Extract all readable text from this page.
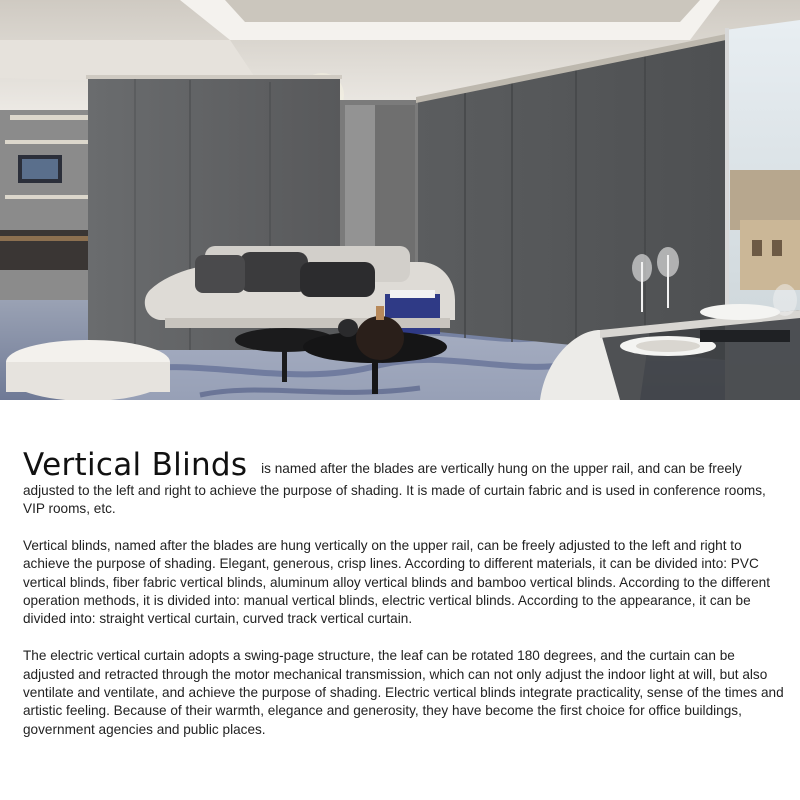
Vertical Blinds is named after the blades are vertically hung on the upper rail, and can be freely adjusted to the left and right to achieve the purpose of shading. It is made of curtain fabric and is used in conference rooms, VIP rooms, etc.

Vertical blinds, named after the blades are hung vertically on the upper rail, can be freely adjusted to the left and right to achieve the purpose of shading. Elegant, generous, crisp lines. According to different materials, it can be divided into: PVC vertical blinds, fiber fabric vertical blinds, aluminum alloy vertical blinds and bamboo vertical blinds. According to the different operation methods, it is divided into: manual vertical blinds, electric vertical blinds. According to the appearance, it can be divided into: straight vertical curtain, curved track vertical curtain.

The electric vertical curtain adopts a swing-page structure, the leaf can be rotated 180 degrees, and the curtain can be adjusted and retracted through the motor mechanical transmission, which can not only adjust the indoor light at will, but also ventilate and ventilate, and achieve the purpose of shading. Electric vertical blinds integrate practicality, sense of the times and artistic feeling. Because of their warmth, elegance and generosity, they have become the first choice for office buildings, government agencies and public places.
